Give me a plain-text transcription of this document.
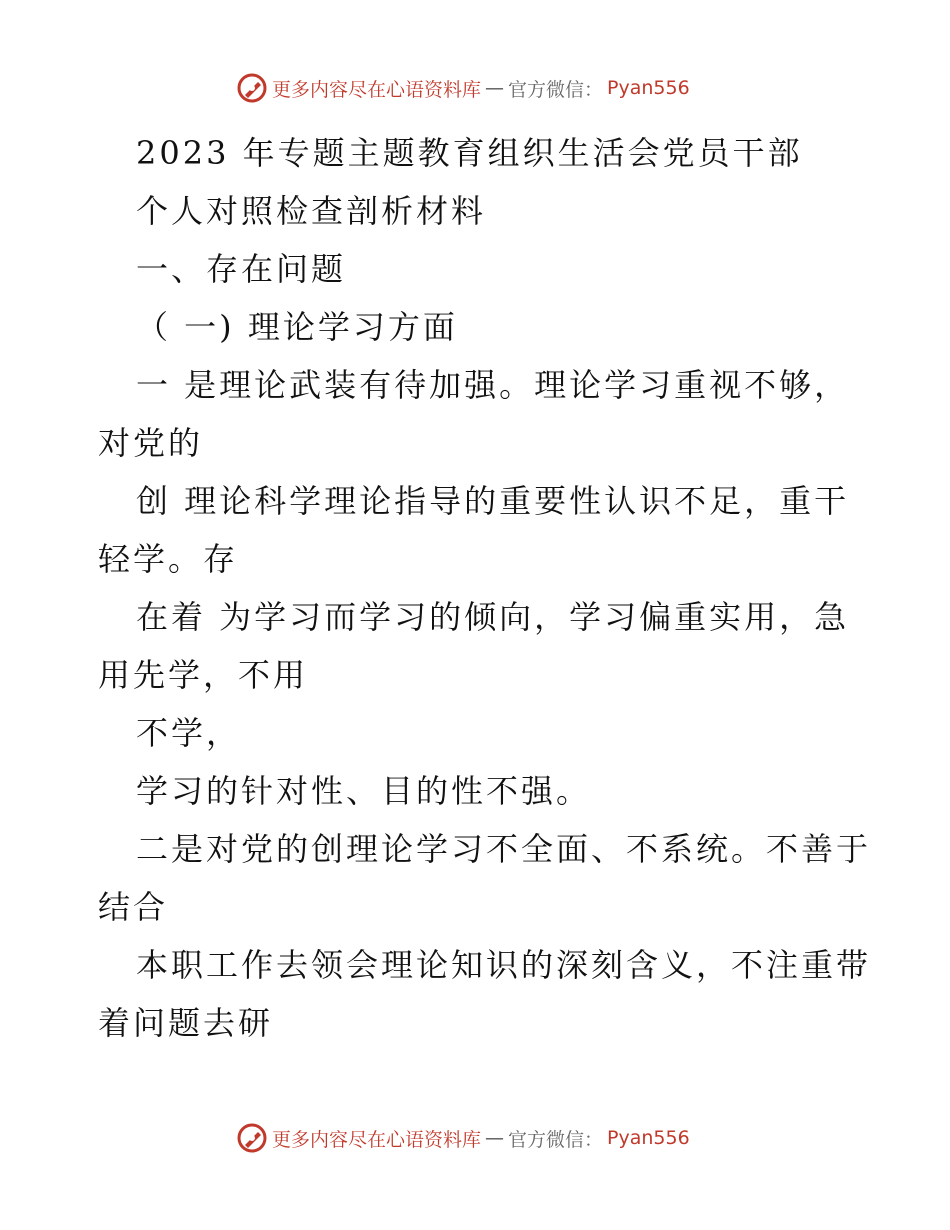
更多内容尽在心语资料库 — 官方微信： Pyan556
2023 年专题主题教育组织生活会党员干部
个人对照检查剖析材料
一、存在问题
（ 一) 理论学习方面
一 是理论武装有待加强。理论学习重视不够，
对党的
创 理论科学理论指导的重要性认识不足，重干
轻学。存
在着 为学习而学习的倾向，学习偏重实用，急
用先学，不用
不学，
学习的针对性、目的性不强。
二是对党的创理论学习不全面、不系统。不善于
结合
本职工作去领会理论知识的深刻含义，不注重带
着问题去研
更多内容尽在心语资料库 — 官方微信： Pyan556
